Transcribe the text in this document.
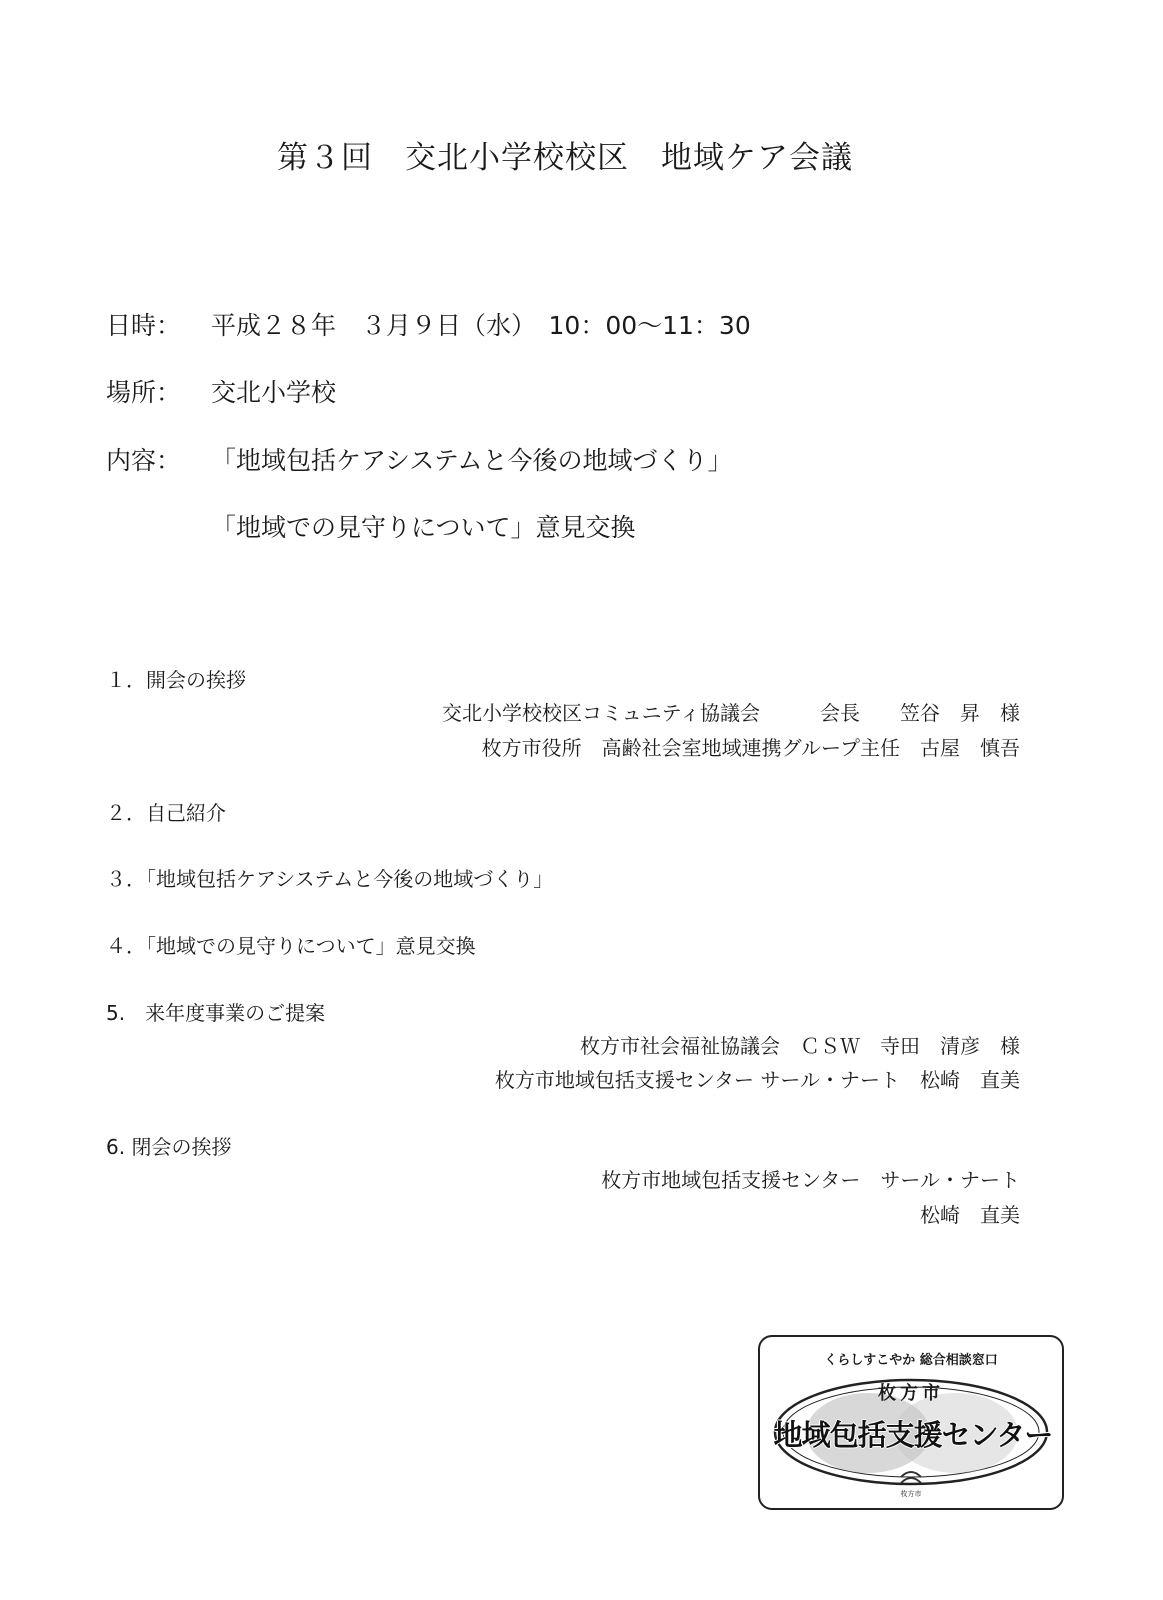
第３回　交北小学校校区　地域ケア会議
日時： 平成２８年　３月９日（水）　10：00～11：30
場所： 交北小学校
内容： 「地域包括ケアシステムと今後の地域づくり」
「地域での見守りについて」意見交換
１．開会の挨拶
交北小学校校区コミュニティ協議会　　　会長　　笠谷　昇　様
枚方市役所　高齢社会室地域連携グループ主任　古屋　慎吾
２．自己紹介
３．「地域包括ケアシステムと今後の地域づくり」
４．「地域での見守りについて」意見交換
5.　来年度事業のご提案
枚方市社会福祉協議会　ＣＳＷ　寺田　清彦　様
枚方市地域包括支援センター サール・ナート　松崎　直美
6. 閉会の挨拶
枚方市地域包括支援センター　サール・ナート
松崎　直美
くらしすこやか 総合相談窓口
枚方市
地域包括支援センター
枚方市
